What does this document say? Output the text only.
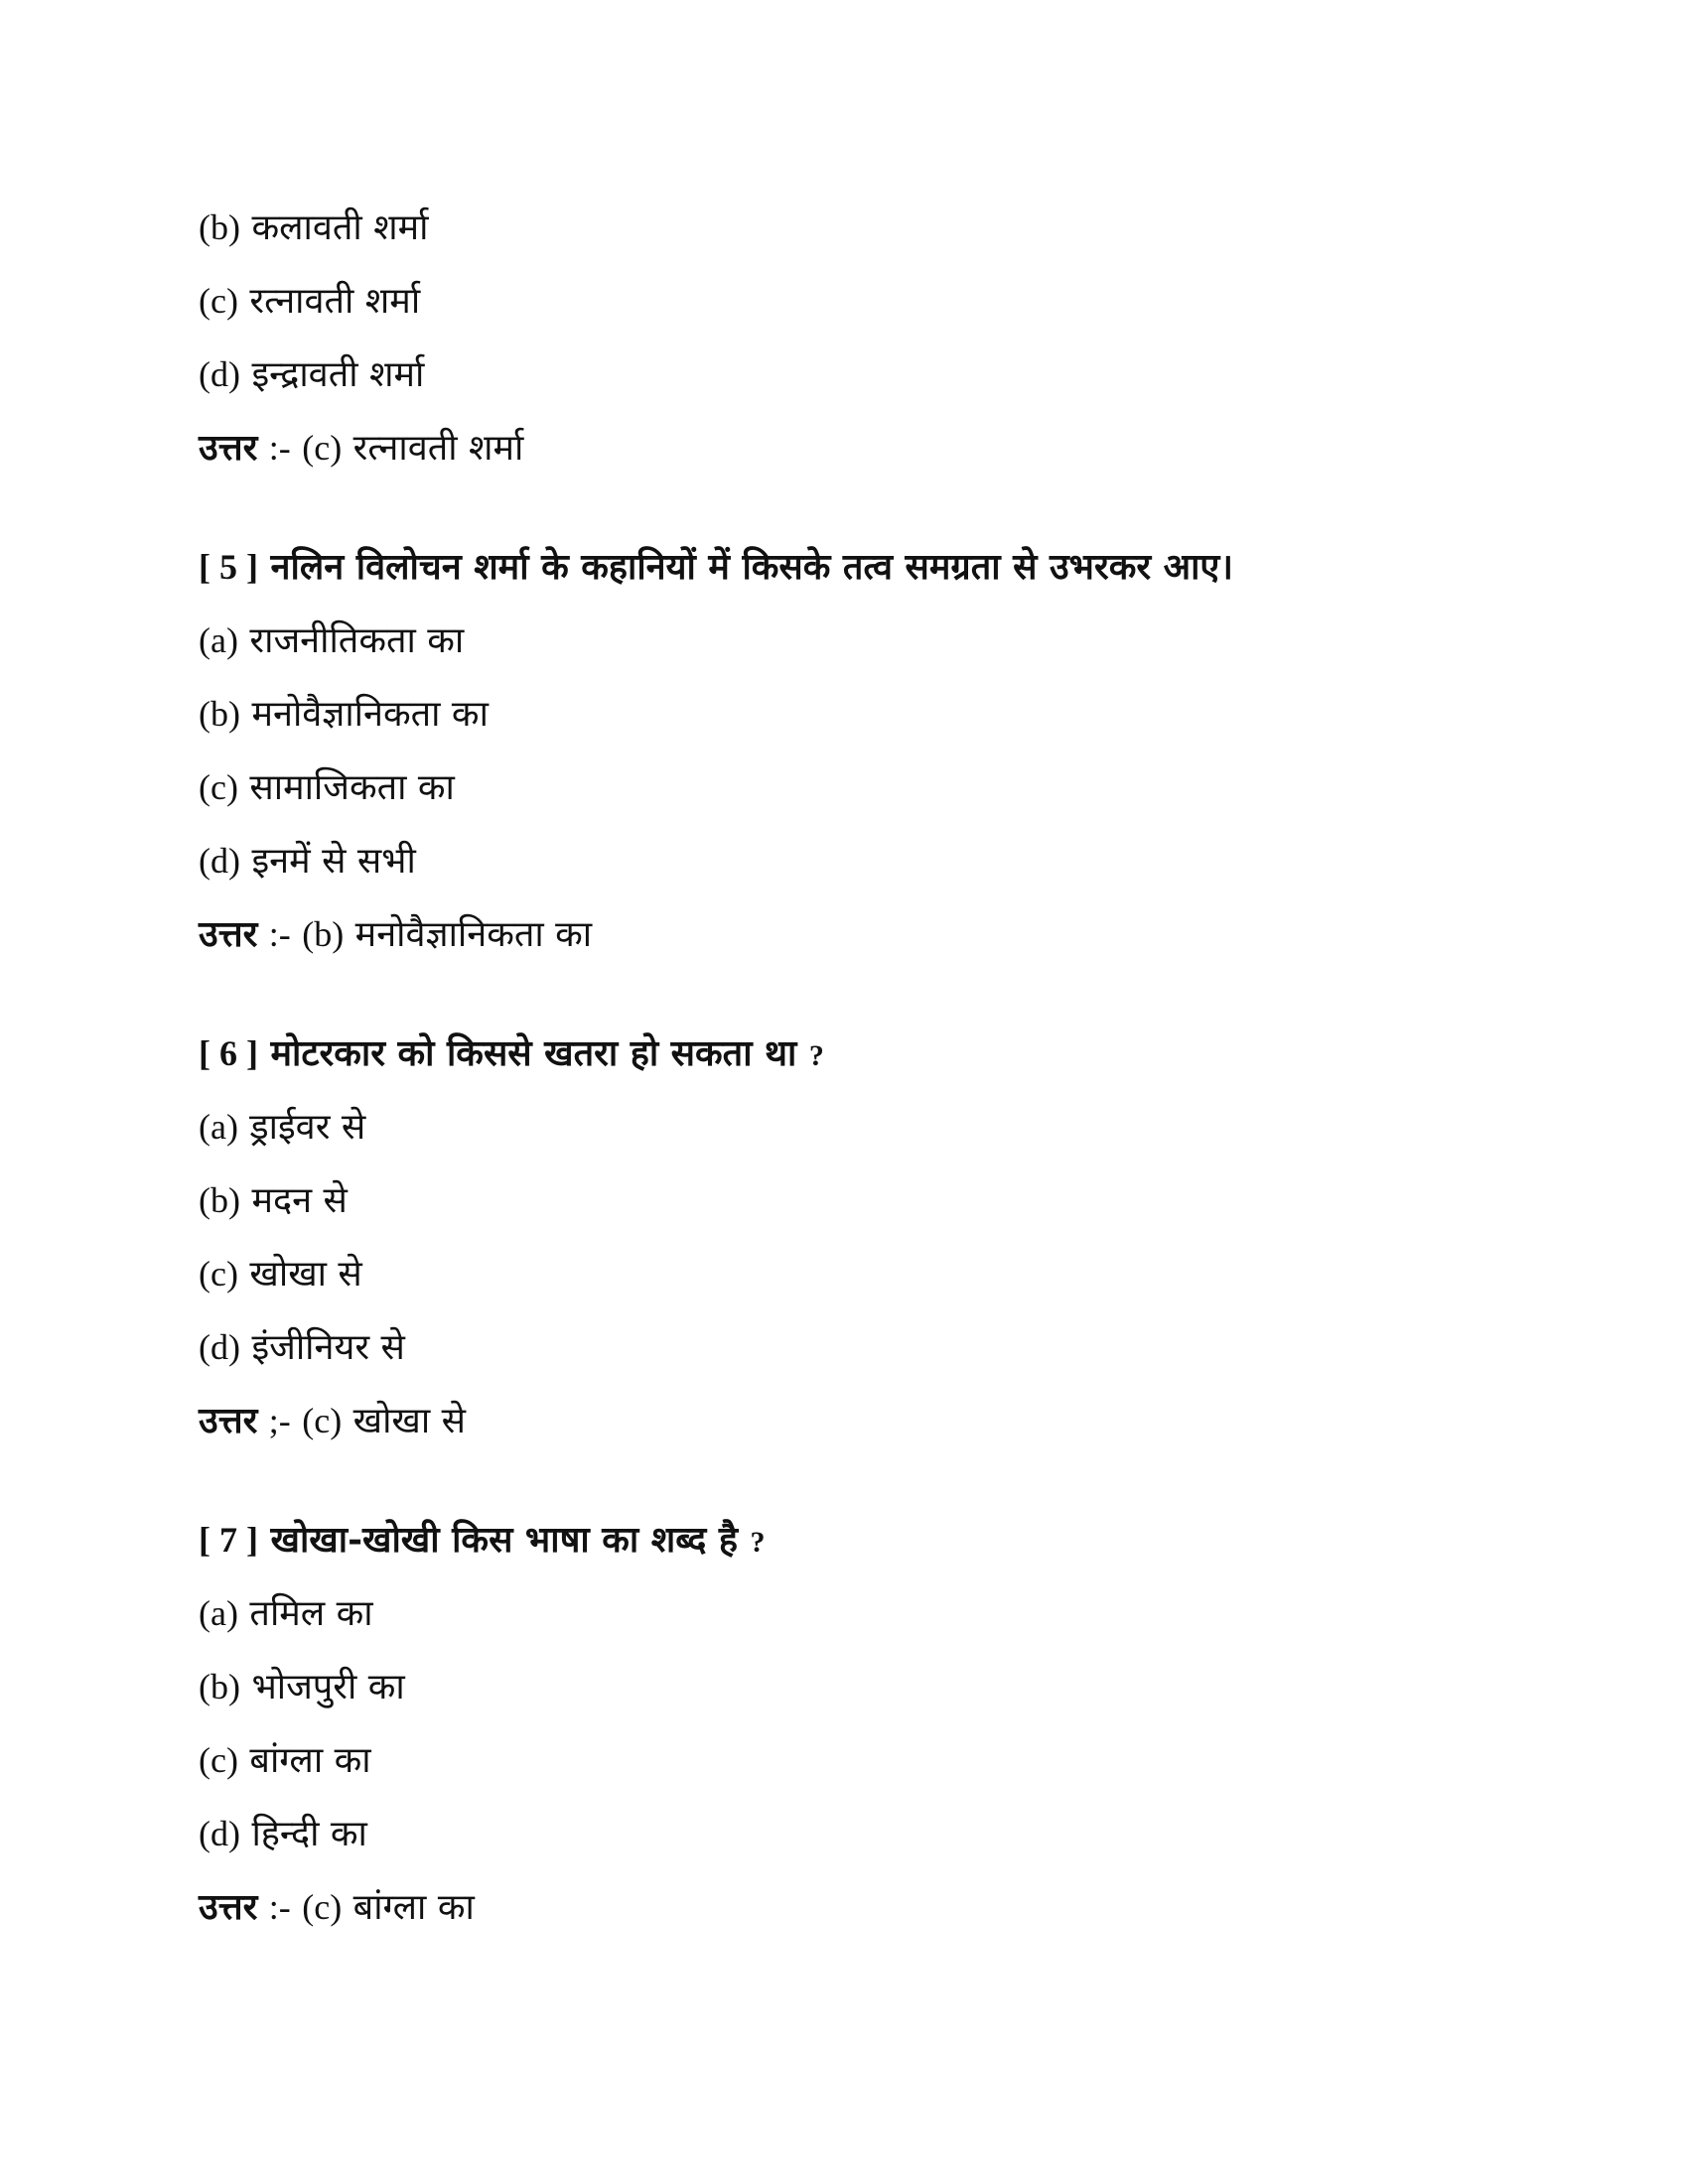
(b) कलावती शर्मा
(c) रत्नावती शर्मा
(d) इन्द्रावती शर्मा
उत्तर :- (c) रत्नावती शर्मा
[ 5 ] नलिन विलोचन शर्मा के कहानियों में किसके तत्व समग्रता से उभरकर आए।
(a) राजनीतिकता का
(b) मनोवैज्ञानिकता का
(c) सामाजिकता का
(d) इनमें से सभी
उत्तर :- (b) मनोवैज्ञानिकता का
[ 6 ] मोटरकार को किससे खतरा हो सकता था ?
(a) ड्राईवर से
(b) मदन से
(c) खोखा से
(d) इंजीनियर से
उत्तर ;- (c) खोखा से
[ 7 ] खोखा-खोखी किस भाषा का शब्द है ?
(a) तमिल का
(b) भोजपुरी का
(c) बांग्ला का
(d) हिन्दी का
उत्तर :- (c) बांग्ला का
